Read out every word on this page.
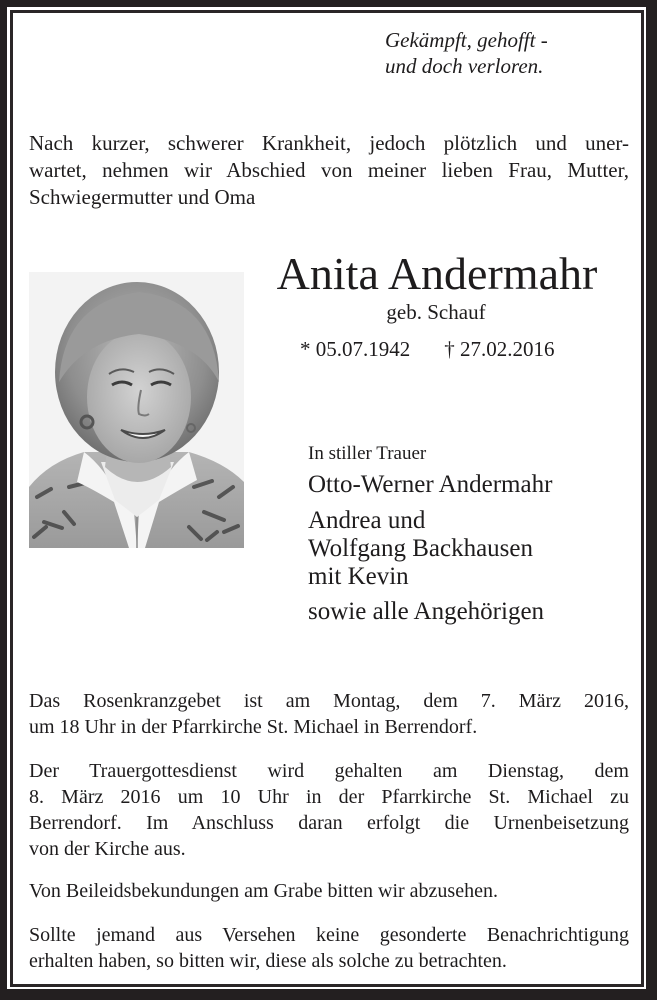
Gekämpft, gehofft -
und doch verloren.
Nach kurzer, schwerer Krankheit, jedoch plötzlich und uner-
wartet, nehmen wir Abschied von meiner lieben Frau, Mutter,
Schwiegermutter und Oma
Anita Andermahr
geb. Schauf
* 05.07.1942 † 27.02.2016
In stiller Trauer
Otto-Werner Andermahr
Andrea und
Wolfgang Backhausen
mit Kevin
sowie alle Angehörigen
Das Rosenkranzgebet ist am Montag, dem 7. März 2016,
um 18 Uhr in der Pfarrkirche St. Michael in Berrendorf.
Der Trauergottesdienst wird gehalten am Dienstag, dem
8. März 2016 um 10 Uhr in der Pfarrkirche St. Michael zu
Berrendorf. Im Anschluss daran erfolgt die Urnenbeisetzung
von der Kirche aus.
Von Beileidsbekundungen am Grabe bitten wir abzusehen.
Sollte jemand aus Versehen keine gesonderte Benachrichtigung
erhalten haben, so bitten wir, diese als solche zu betrachten.
